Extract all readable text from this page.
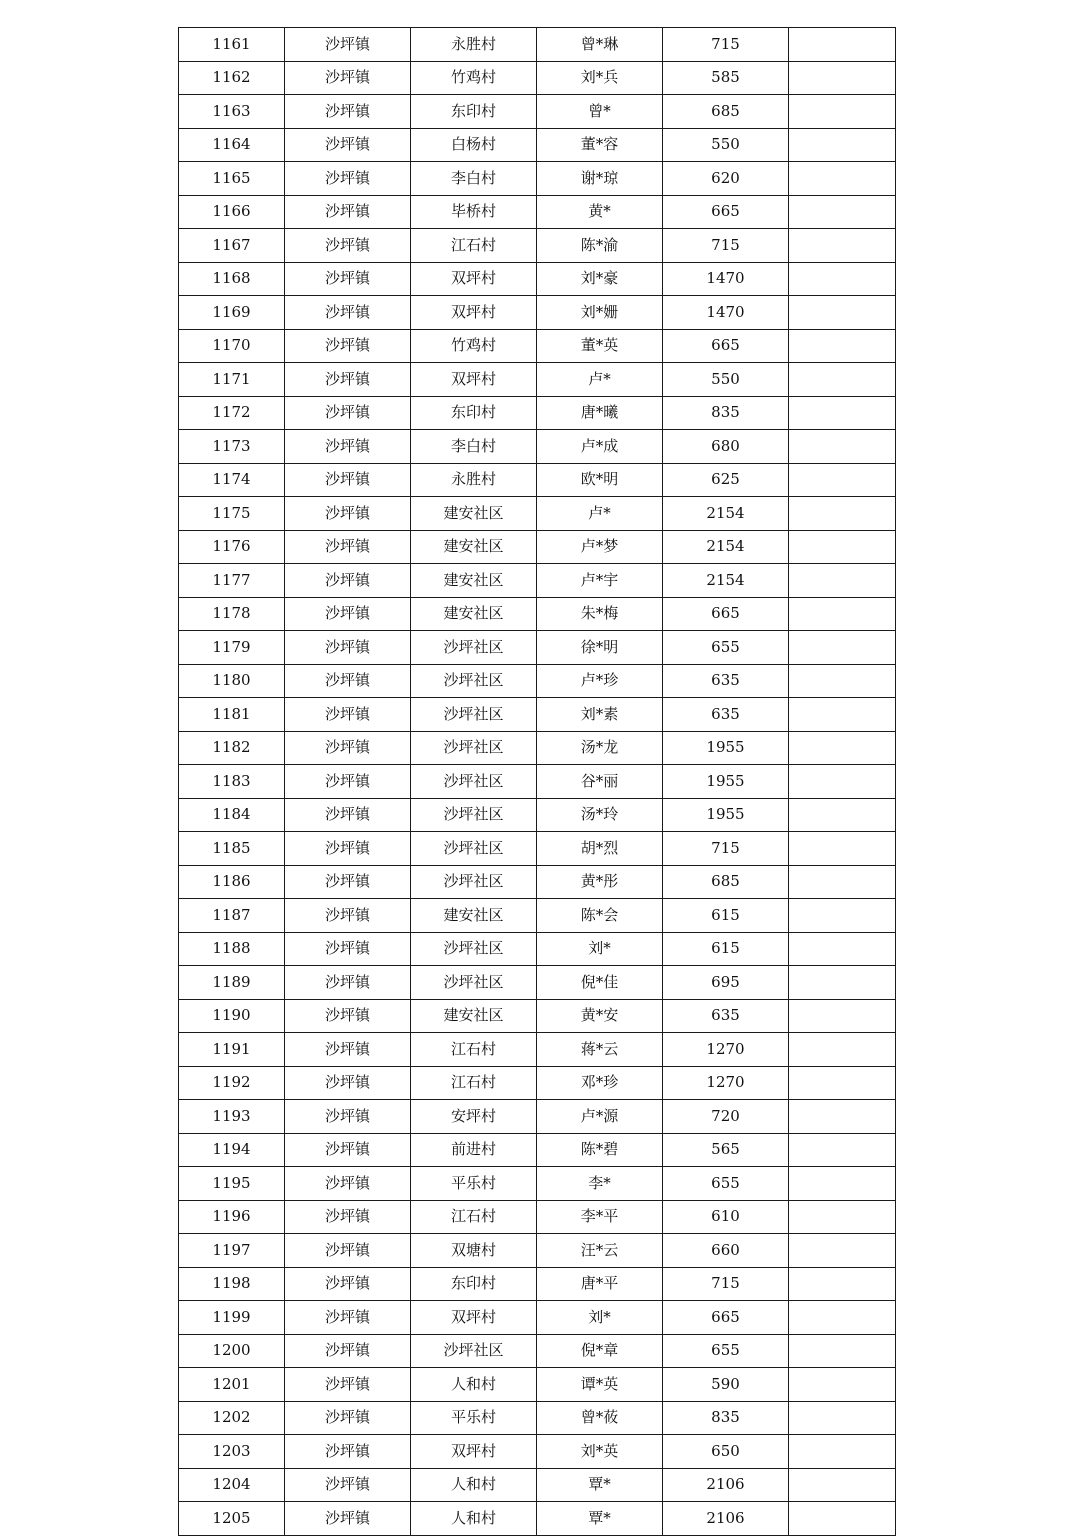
1161	沙坪镇	永胜村	曾*琳	715	
1162	沙坪镇	竹鸡村	刘*兵	585	
1163	沙坪镇	东印村	曾*	685	
1164	沙坪镇	白杨村	董*容	550	
1165	沙坪镇	李白村	谢*琼	620	
1166	沙坪镇	毕桥村	黄*	665	
1167	沙坪镇	江石村	陈*渝	715	
1168	沙坪镇	双坪村	刘*豪	1470	
1169	沙坪镇	双坪村	刘*姗	1470	
1170	沙坪镇	竹鸡村	董*英	665	
1171	沙坪镇	双坪村	卢*	550	
1172	沙坪镇	东印村	唐*曦	835	
1173	沙坪镇	李白村	卢*成	680	
1174	沙坪镇	永胜村	欧*明	625	
1175	沙坪镇	建安社区	卢*	2154	
1176	沙坪镇	建安社区	卢*梦	2154	
1177	沙坪镇	建安社区	卢*宇	2154	
1178	沙坪镇	建安社区	朱*梅	665	
1179	沙坪镇	沙坪社区	徐*明	655	
1180	沙坪镇	沙坪社区	卢*珍	635	
1181	沙坪镇	沙坪社区	刘*素	635	
1182	沙坪镇	沙坪社区	汤*龙	1955	
1183	沙坪镇	沙坪社区	谷*丽	1955	
1184	沙坪镇	沙坪社区	汤*玲	1955	
1185	沙坪镇	沙坪社区	胡*烈	715	
1186	沙坪镇	沙坪社区	黄*彤	685	
1187	沙坪镇	建安社区	陈*会	615	
1188	沙坪镇	沙坪社区	刘*	615	
1189	沙坪镇	沙坪社区	倪*佳	695	
1190	沙坪镇	建安社区	黄*安	635	
1191	沙坪镇	江石村	蒋*云	1270	
1192	沙坪镇	江石村	邓*珍	1270	
1193	沙坪镇	安坪村	卢*源	720	
1194	沙坪镇	前进村	陈*碧	565	
1195	沙坪镇	平乐村	李*	655	
1196	沙坪镇	江石村	李*平	610	
1197	沙坪镇	双塘村	汪*云	660	
1198	沙坪镇	东印村	唐*平	715	
1199	沙坪镇	双坪村	刘*	665	
1200	沙坪镇	沙坪社区	倪*章	655	
1201	沙坪镇	人和村	谭*英	590	
1202	沙坪镇	平乐村	曾*莜	835	
1203	沙坪镇	双坪村	刘*英	650	
1204	沙坪镇	人和村	覃*	2106	
1205	沙坪镇	人和村	覃*	2106	
